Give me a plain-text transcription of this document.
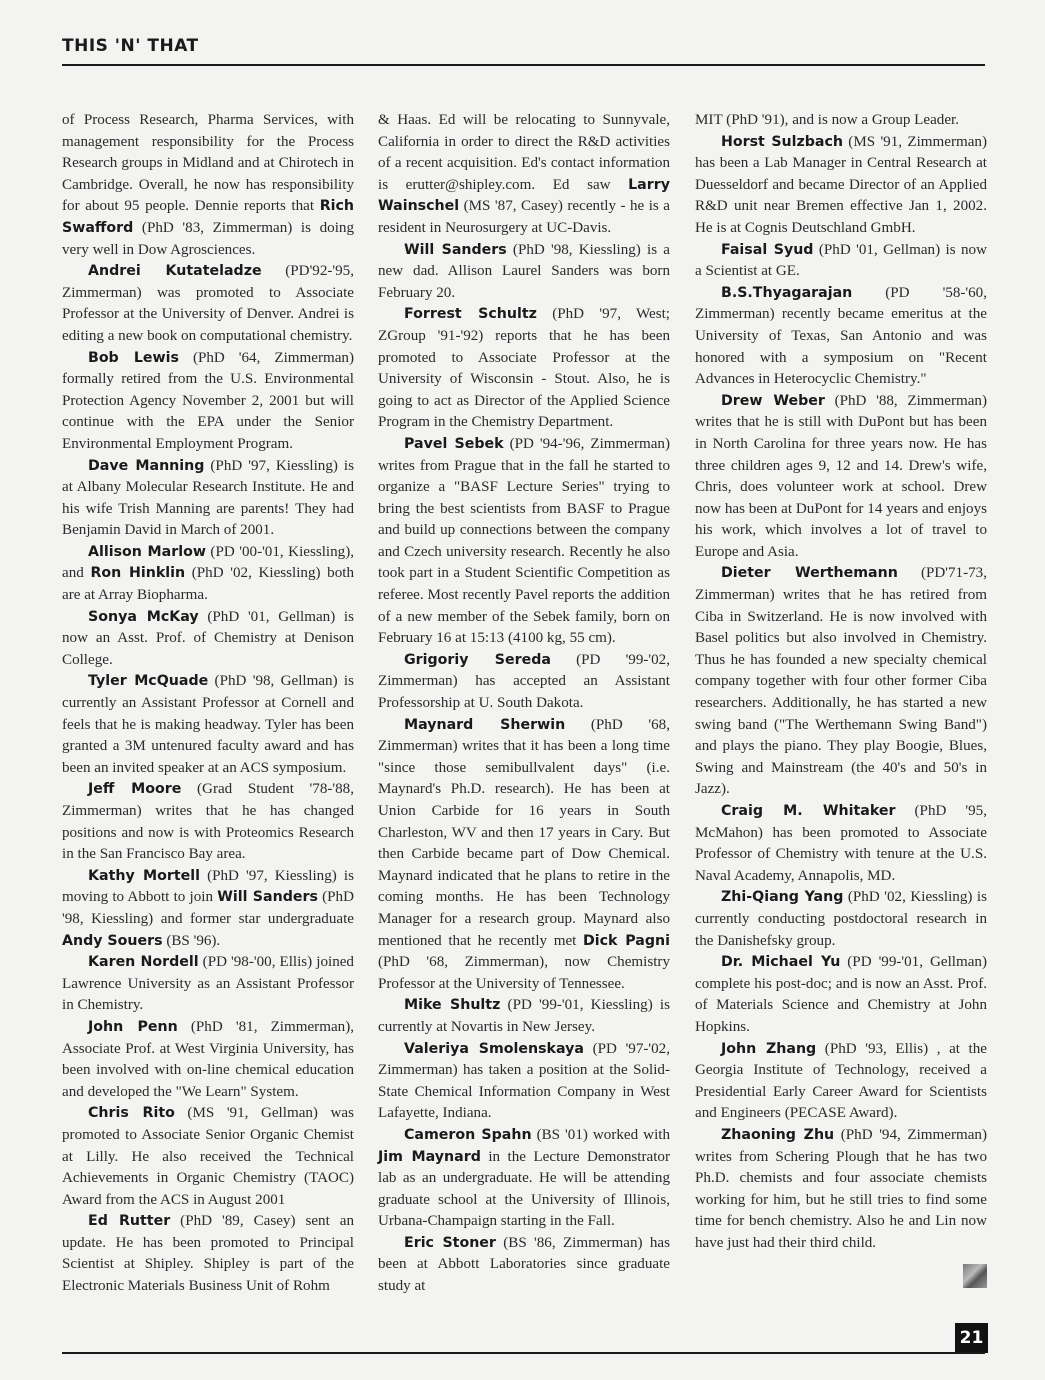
THIS 'N' THAT

of Process Research, Pharma Services, with management responsibility for the Process Research groups in Midland and at Chirotech in Cambridge. Overall, he now has responsibility for about 95 people. Dennie reports that Rich Swafford (PhD '83, Zimmerman) is doing very well in Dow Agrosciences.

Andrei Kutateladze (PD'92-'95, Zimmerman) was promoted to Associate Professor at the University of Denver. Andrei is editing a new book on computational chemistry.

Bob Lewis (PhD '64, Zimmerman) formally retired from the U.S. Environmental Protection Agency November 2, 2001 but will continue with the EPA under the Senior Environmental Employment Program.

Dave Manning (PhD '97, Kiessling) is at Albany Molecular Research Institute. He and his wife Trish Manning are parents! They had Benjamin David in March of 2001.

Allison Marlow (PD '00-'01, Kiessling), and Ron Hinklin (PhD '02, Kiessling) both are at Array Biopharma.

Sonya McKay (PhD '01, Gellman) is now an Asst. Prof. of Chemistry at Denison College.

Tyler McQuade (PhD '98, Gellman) is currently an Assistant Professor at Cornell and feels that he is making headway. Tyler has been granted a 3M untenured faculty award and has been an invited speaker at an ACS symposium.

Jeff Moore (Grad Student '78-'88, Zimmerman) writes that he has changed positions and now is with Proteomics Research in the San Francisco Bay area.

Kathy Mortell (PhD '97, Kiessling) is moving to Abbott to join Will Sanders (PhD '98, Kiessling) and former star undergraduate Andy Souers (BS '96).

Karen Nordell (PD '98-'00, Ellis) joined Lawrence University as an Assistant Professor in Chemistry.

John Penn (PhD '81, Zimmerman), Associate Prof. at West Virginia University, has been involved with on-line chemical education and developed the "We Learn" System.

Chris Rito (MS '91, Gellman) was promoted to Associate Senior Organic Chemist at Lilly. He also received the Technical Achievements in Organic Chemistry (TAOC) Award from the ACS in August 2001

Ed Rutter (PhD '89, Casey) sent an update. He has been promoted to Principal Scientist at Shipley. Shipley is part of the Electronic Materials Business Unit of Rohm

& Haas. Ed will be relocating to Sunnyvale, California in order to direct the R&D activities of a recent acquisition. Ed's contact information is erutter@shipley.com. Ed saw Larry Wainschel (MS '87, Casey) recently - he is a resident in Neurosurgery at UC-Davis.

Will Sanders (PhD '98, Kiessling) is a new dad. Allison Laurel Sanders was born February 20.

Forrest Schultz (PhD '97, West; ZGroup '91-'92) reports that he has been promoted to Associate Professor at the University of Wisconsin - Stout. Also, he is going to act as Director of the Applied Science Program in the Chemistry Department.

Pavel Sebek (PD '94-'96, Zimmerman) writes from Prague that in the fall he started to organize a "BASF Lecture Series" trying to bring the best scientists from BASF to Prague and build up connections between the company and Czech university research. Recently he also took part in a Student Scientific Competition as referee. Most recently Pavel reports the addition of a new member of the Sebek family, born on February 16 at 15:13 (4100 kg, 55 cm).

Grigoriy Sereda (PD '99-'02, Zimmerman) has accepted an Assistant Professorship at U. South Dakota.

Maynard Sherwin (PhD '68, Zimmerman) writes that it has been a long time "since those semibullvalent days" (i.e. Maynard's Ph.D. research). He has been at Union Carbide for 16 years in South Charleston, WV and then 17 years in Cary. But then Carbide became part of Dow Chemical. Maynard indicated that he plans to retire in the coming months. He has been Technology Manager for a research group. Maynard also mentioned that he recently met Dick Pagni (PhD '68, Zimmerman), now Chemistry Professor at the University of Tennessee.

Mike Shultz (PD '99-'01, Kiessling) is currently at Novartis in New Jersey.

Valeriya Smolenskaya (PD '97-'02, Zimmerman) has taken a position at the Solid-State Chemical Information Company in West Lafayette, Indiana.

Cameron Spahn (BS '01) worked with Jim Maynard in the Lecture Demonstrator lab as an undergraduate. He will be attending graduate school at the University of Illinois, Urbana-Champaign starting in the Fall.

Eric Stoner (BS '86, Zimmerman) has been at Abbott Laboratories since graduate study at

MIT (PhD '91), and is now a Group Leader.

Horst Sulzbach (MS '91, Zimmerman) has been a Lab Manager in Central Research at Duesseldorf and became Director of an Applied R&D unit near Bremen effective Jan 1, 2002. He is at Cognis Deutschland GmbH.

Faisal Syud (PhD '01, Gellman) is now a Scientist at GE.

B.S.Thyagarajan (PD '58-'60, Zimmerman) recently became emeritus at the University of Texas, San Antonio and was honored with a symposium on "Recent Advances in Heterocyclic Chemistry."

Drew Weber (PhD '88, Zimmerman) writes that he is still with DuPont but has been in North Carolina for three years now. He has three children ages 9, 12 and 14. Drew's wife, Chris, does volunteer work at school. Drew now has been at DuPont for 14 years and enjoys his work, which involves a lot of travel to Europe and Asia.

Dieter Werthemann (PD'71-73, Zimmerman) writes that he has retired from Ciba in Switzerland. He is now involved with Basel politics but also involved in Chemistry. Thus he has founded a new specialty chemical company together with four other former Ciba researchers. Additionally, he has started a new swing band ("The Werthemann Swing Band") and plays the piano. They play Boogie, Blues, Swing and Mainstream (the 40's and 50's in Jazz).

Craig M. Whitaker (PhD '95, McMahon) has been promoted to Associate Professor of Chemistry with tenure at the U.S. Naval Academy, Annapolis, MD.

Zhi-Qiang Yang (PhD '02, Kiessling) is currently conducting postdoctoral research in the Danishefsky group.

Dr. Michael Yu (PD '99-'01, Gellman) complete his post-doc; and is now an Asst. Prof. of Materials Science and Chemistry at John Hopkins.

John Zhang (PhD '93, Ellis) , at the Georgia Institute of Technology, received a Presidential Early Career Award for Scientists and Engineers (PECASE Award).

Zhaoning Zhu (PhD '94, Zimmerman) writes from Schering Plough that he has two Ph.D. chemists and four associate chemists working for him, but he still tries to find some time for bench chemistry. Also he and Lin now have just had their third child.

21
